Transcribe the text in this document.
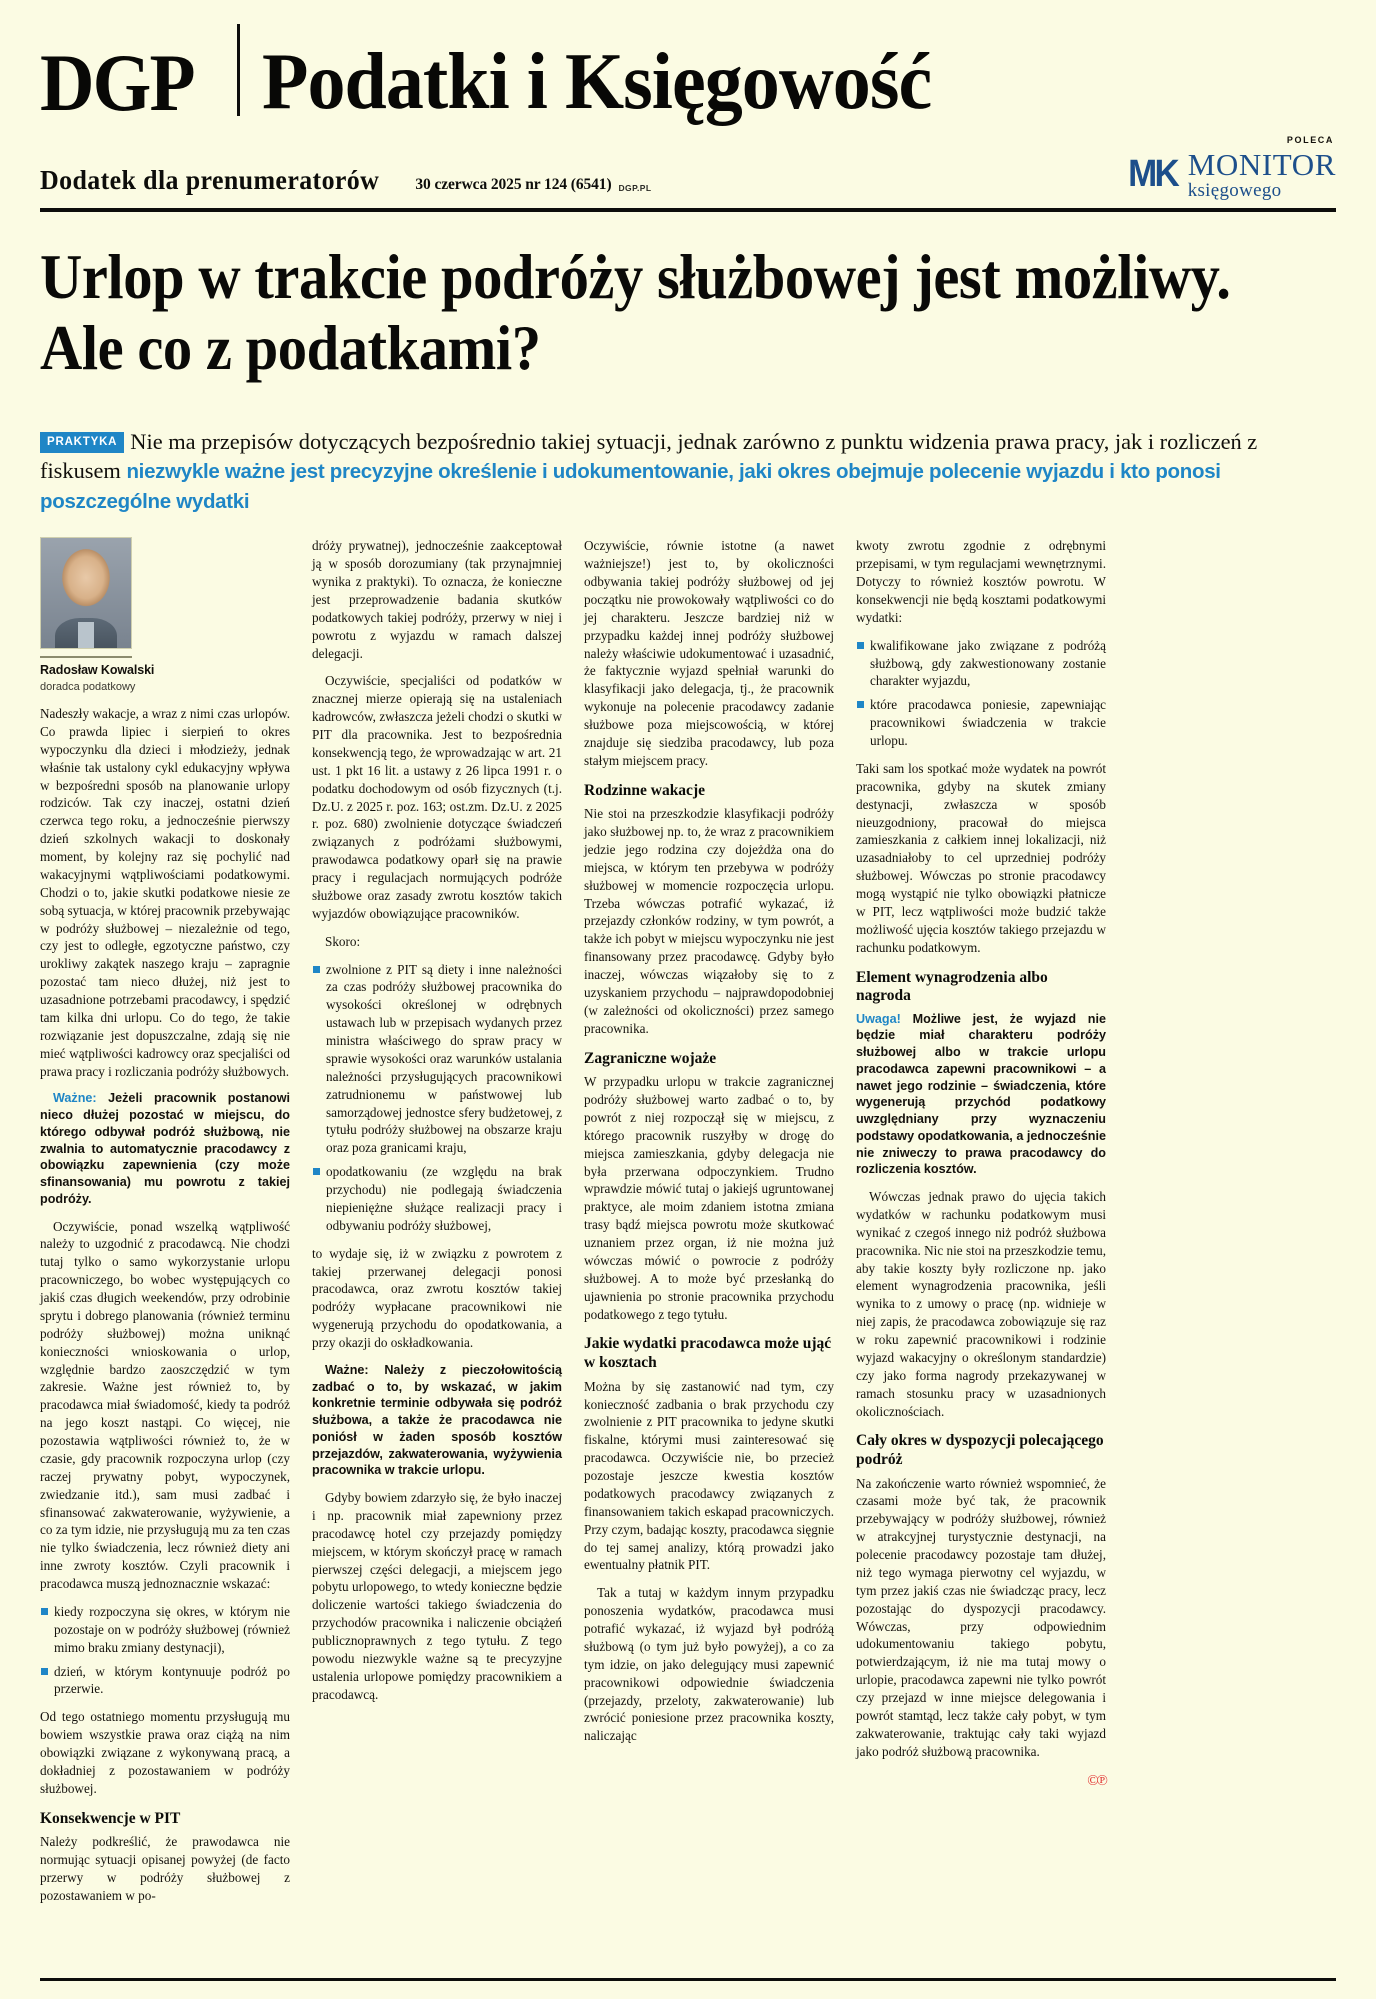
DGP Podatki i Księgowość
Dodatek dla prenumeratorów 30 czerwca 2025 nr 124 (6541) DGP.PL
POLECA
MK MONITOR
księgowego
Urlop w trakcie podróży służbowej jest możliwy. Ale co z podatkami?
PRAKTYKA Nie ma przepisów dotyczących bezpośrednio takiej sytuacji, jednak zarówno z punktu widzenia prawa pracy, jak i rozliczeń z fiskusem niezwykle ważne jest precyzyjne określenie i udokumentowanie, jaki okres obejmuje polecenie wyjazdu i kto ponosi poszczególne wydatki
Radosław Kowalski
doradca podatkowy

Nadeszły wakacje, a wraz z nimi czas urlopów. Co prawda lipiec i sierpień to okres wypoczynku dla dzieci i młodzieży, jednak właśnie tak ustalony cykl edukacyjny wpływa w bezpośredni sposób na planowanie urlopy rodziców. Tak czy inaczej, ostatni dzień czerwca tego roku, a jednocześnie pierwszy dzień szkolnych wakacji to doskonały moment, by kolejny raz się pochylić nad wakacyjnymi wątpliwościami podatkowymi. Chodzi o to, jakie skutki podatkowe niesie ze sobą sytuacja, w której pracownik przebywając w podróży służbowej – niezależnie od tego, czy jest to odległe, egzotyczne państwo, czy urokliwy zakątek naszego kraju – zapragnie pozostać tam nieco dłużej, niż jest to uzasadnione potrzebami pracodawcy, i spędzić tam kilka dni urlopu. Co do tego, że takie rozwiązanie jest dopuszczalne, zdają się nie mieć wątpliwości kadrowcy oraz specjaliści od prawa pracy i rozliczania podróży służbowych.

Ważne: Jeżeli pracownik postanowi nieco dłużej pozostać w miejscu, do którego odbywał podróż służbową, nie zwalnia to automatycznie pracodawcy z obowiązku zapewnienia (czy może sfinansowania) mu powrotu z takiej podróży.

Oczywiście, ponad wszelką wątpliwość należy to uzgodnić z pracodawcą. Nie chodzi tutaj tylko o samo wykorzystanie urlopu pracowniczego, bo wobec występujących co jakiś czas długich weekendów, przy odrobinie sprytu i dobrego planowania (również terminu podróży służbowej) można uniknąć konieczności wnioskowania o urlop, względnie bardzo zaoszczędzić w tym zakresie. Ważne jest również to, by pracodawca miał świadomość, kiedy ta podróż na jego koszt nastąpi. Co więcej, nie pozostawia wątpliwości również to, że w czasie, gdy pracownik rozpoczyna urlop (czy raczej prywatny pobyt, wypoczynek, zwiedzanie itd.), sam musi zadbać i sfinansować zakwaterowanie, wyżywienie, a co za tym idzie, nie przysługują mu za ten czas nie tylko świadczenia, lecz również diety ani inne zwroty kosztów. Czyli pracownik i pracodawca muszą jednoznacznie wskazać:

kiedy rozpoczyna się okres, w którym nie pozostaje on w podróży służbowej (również mimo braku zmiany destynacji),
dzień, w którym kontynuuje podróż po przerwie.

Od tego ostatniego momentu przysługują mu bowiem wszystkie prawa oraz ciążą na nim obowiązki związane z wykonywaną pracą, a dokładniej z pozostawaniem w podróży służbowej.

Konsekwencje w PIT

Należy podkreślić, że prawodawca nie normując sytuacji opisanej powyżej (de facto przerwy w podróży służbowej z pozostawaniem w po-

dróży prywatnej), jednocześnie zaakceptował ją w sposób dorozumiany (tak przynajmniej wynika z praktyki). To oznacza, że konieczne jest przeprowadzenie badania skutków podatkowych takiej podróży, przerwy w niej i powrotu z wyjazdu w ramach dalszej delegacji.

Oczywiście, specjaliści od podatków w znacznej mierze opierają się na ustaleniach kadrowców, zwłaszcza jeżeli chodzi o skutki w PIT dla pracownika. Jest to bezpośrednia konsekwencją tego, że wprowadzając w art. 21 ust. 1 pkt 16 lit. a ustawy z 26 lipca 1991 r. o podatku dochodowym od osób fizycznych (t.j. Dz.U. z 2025 r. poz. 163; ost.zm. Dz.U. z 2025 r. poz. 680) zwolnienie dotyczące świadczeń związanych z podróżami służbowymi, prawodawca podatkowy oparł się na prawie pracy i regulacjach normujących podróże służbowe oraz zasady zwrotu kosztów takich wyjazdów obowiązujące pracowników.

Skoro:

zwolnione z PIT są diety i inne należności za czas podróży służbowej pracownika do wysokości określonej w odrębnych ustawach lub w przepisach wydanych przez ministra właściwego do spraw pracy w sprawie wysokości oraz warunków ustalania należności przysługujących pracownikowi zatrudnionemu w państwowej lub samorządowej jednostce sfery budżetowej, z tytułu podróży służbowej na obszarze kraju oraz poza granicami kraju,
opodatkowaniu (ze względu na brak przychodu) nie podlegają świadczenia niepieniężne służące realizacji pracy i odbywaniu podróży służbowej,

to wydaje się, iż w związku z powrotem z takiej przerwanej delegacji ponosi pracodawca, oraz zwrotu kosztów takiej podróży wypłacane pracownikowi nie wygenerują przychodu do opodatkowania, a przy okazji do oskładkowania.

Ważne: Należy z pieczołowitością zadbać o to, by wskazać, w jakim konkretnie terminie odbywała się podróż służbowa, a także że pracodawca nie poniósł w żaden sposób kosztów przejazdów, zakwaterowania, wyżywienia pracownika w trakcie urlopu.

Gdyby bowiem zdarzyło się, że było inaczej i np. pracownik miał zapewniony przez pracodawcę hotel czy przejazdy pomiędzy miejscem, w którym skończył pracę w ramach pierwszej części delegacji, a miejscem jego pobytu urlopowego, to wtedy konieczne będzie doliczenie wartości takiego świadczenia do przychodów pracownika i naliczenie obciążeń publicznoprawnych z tego tytułu. Z tego powodu niezwykle ważne są te precyzyjne ustalenia urlopowe pomiędzy pracownikiem a pracodawcą.

Oczywiście, równie istotne (a nawet ważniejsze!) jest to, by okoliczności odbywania takiej podróży służbowej od jej początku nie prowokowały wątpliwości co do jej charakteru. Jeszcze bardziej niż w przypadku każdej innej podróży służbowej należy właściwie udokumentować i uzasadnić, że faktycznie wyjazd spełniał warunki do klasyfikacji jako delegacja, tj., że pracownik wykonuje na polecenie pracodawcy zadanie służbowe poza miejscowością, w której znajduje się siedziba pracodawcy, lub poza stałym miejscem pracy.

Rodzinne wakacje

Nie stoi na przeszkodzie klasyfikacji podróży jako służbowej np. to, że wraz z pracownikiem jedzie jego rodzina czy dojeżdża ona do miejsca, w którym ten przebywa w podróży służbowej w momencie rozpoczęcia urlopu. Trzeba wówczas potrafić wykazać, iż przejazdy członków rodziny, w tym powrót, a także ich pobyt w miejscu wypoczynku nie jest finansowany przez pracodawcę. Gdyby było inaczej, wówczas wiązałoby się to z uzyskaniem przychodu – najprawdopodobniej (w zależności od okoliczności) przez samego pracownika.

Zagraniczne wojaże

W przypadku urlopu w trakcie zagranicznej podróży służbowej warto zadbać o to, by powrót z niej rozpoczął się w miejscu, z którego pracownik ruszyłby w drogę do miejsca zamieszkania, gdyby delegacja nie była przerwana odpoczynkiem. Trudno wprawdzie mówić tutaj o jakiejś ugruntowanej praktyce, ale moim zdaniem istotna zmiana trasy bądź miejsca powrotu może skutkować uznaniem przez organ, iż nie można już wówczas mówić o powrocie z podróży służbowej. A to może być przesłanką do ujawnienia po stronie pracownika przychodu podatkowego z tego tytułu.

Jakie wydatki pracodawca może ująć w kosztach

Można by się zastanowić nad tym, czy konieczność zadbania o brak przychodu czy zwolnienie z PIT pracownika to jedyne skutki fiskalne, którymi musi zainteresować się pracodawca. Oczywiście nie, bo przecież pozostaje jeszcze kwestia kosztów podatkowych pracodawcy związanych z finansowaniem takich eskapad pracowniczych. Przy czym, badając koszty, pracodawca sięgnie do tej samej analizy, którą prowadzi jako ewentualny płatnik PIT.

Tak a tutaj w każdym innym przypadku ponoszenia wydatków, pracodawca musi potrafić wykazać, iż wyjazd był podróżą służbową (o tym już było powyżej), a co za tym idzie, on jako delegujący musi zapewnić pracownikowi odpowiednie świadczenia (przejazdy, przeloty, zakwaterowanie) lub zwrócić poniesione przez pracownika koszty, naliczając

kwoty zwrotu zgodnie z odrębnymi przepisami, w tym regulacjami wewnętrznymi. Dotyczy to również kosztów powrotu. W konsekwencji nie będą kosztami podatkowymi wydatki:

kwalifikowane jako związane z podróżą służbową, gdy zakwestionowany zostanie charakter wyjazdu,
które pracodawca poniesie, zapewniając pracownikowi świadczenia w trakcie urlopu.

Taki sam los spotkać może wydatek na powrót pracownika, gdyby na skutek zmiany destynacji, zwłaszcza w sposób nieuzgodniony, pracował do miejsca zamieszkania z całkiem innej lokalizacji, niż uzasadniałoby to cel uprzedniej podróży służbowej. Wówczas po stronie pracodawcy mogą wystąpić nie tylko obowiązki płatnicze w PIT, lecz wątpliwości może budzić także możliwość ujęcia kosztów takiego przejazdu w rachunku podatkowym.

Element wynagrodzenia albo nagroda

Uwaga! Możliwe jest, że wyjazd nie będzie miał charakteru podróży służbowej albo w trakcie urlopu pracodawca zapewni pracownikowi – a nawet jego rodzinie – świadczenia, które wygenerują przychód podatkowy uwzględniany przy wyznaczeniu podstawy opodatkowania, a jednocześnie nie zniweczy to prawa pracodawcy do rozliczenia kosztów.

Wówczas jednak prawo do ujęcia takich wydatków w rachunku podatkowym musi wynikać z czegoś innego niż podróż służbowa pracownika. Nic nie stoi na przeszkodzie temu, aby takie koszty były rozliczone np. jako element wynagrodzenia pracownika, jeśli wynika to z umowy o pracę (np. widnieje w niej zapis, że pracodawca zobowiązuje się raz w roku zapewnić pracownikowi i rodzinie wyjazd wakacyjny o określonym standardzie) czy jako forma nagrody przekazywanej w ramach stosunku pracy w uzasadnionych okolicznościach.

Cały okres w dyspozycji polecającego podróż

Na zakończenie warto również wspomnieć, że czasami może być tak, że pracownik przebywający w podróży służbowej, również w atrakcyjnej turystycznie destynacji, na polecenie pracodawcy pozostaje tam dłużej, niż tego wymaga pierwotny cel wyjazdu, w tym przez jakiś czas nie świadcząc pracy, lecz pozostając do dyspozycji pracodawcy. Wówczas, przy odpowiednim udokumentowaniu takiego pobytu, potwierdzającym, iż nie ma tutaj mowy o urlopie, pracodawca zapewni nie tylko powrót czy przejazd w inne miejsce delegowania i powrót stamtąd, lecz także cały pobyt, w tym zakwaterowanie, traktując cały taki wyjazd jako podróż służbową pracownika.

©℗
